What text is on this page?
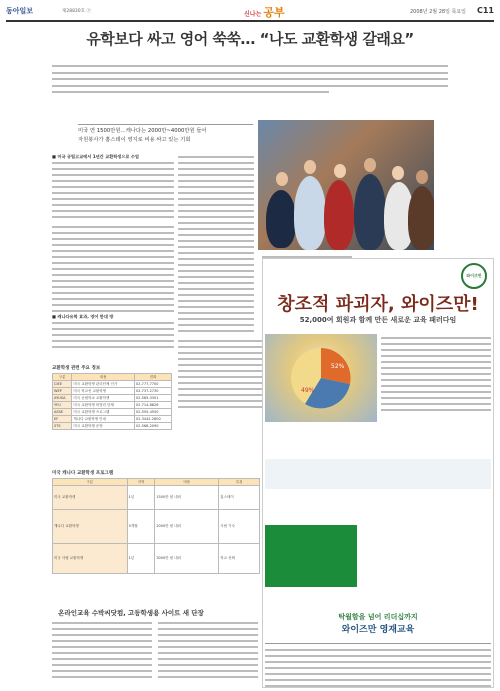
동아일보	제28830호 ⓔ	신나는 공부	2008년 2월 28일 목요일 C11
유학보다 싸고 영어 쑥쑥… “나도 교환학생 갈래요”
미국 연 1500만원…캐나다는 2000만~4000만원 들어
자원봉사가 홈스테이 영지로 비용 싸고 있는 기회
■ 미국 공립고교에서 1년간 교환학생으로 수업
■ 캐나다유학 효과, 영어 한대 방
교환학생 관련 주요 정보
구분	내용	전화
CIEE	미국 교환학생 관리단체 인가	02-777-7700
WEP	미국 학교선 교환학생	02-737-2730
AYUSA	미국 공립학교 교환학생	02-565-3301
YFU	미국 교환학생 비영리 단체	02-714-8826
ASSE	미국 교환학생 프로그램	02-555-4550
EF	캐나다 교환학생 안내	02-3442-2800
STS	미국 교환학생 운영	02-568-2090
미국 캐나다 교환학생 프로그램
구분	지역	비용	특징
미국 교환학생	1년	1500만 원 내외	홈스테이
캐나다 교환학생	5개월	2000만 원 내외	사립 기숙
미국 사립 교환학생	1년	3000만 원 내외	학교 선택
온라인교육 수박씨닷컴, 고등학생용 사이트 새 단장
와이즈만
창조적 파괴자, 와이즈만!
52,000여 회원과 함께 만든 새로운 교육 패러다임
52%
49%
탁월함을 넘어 리더십까지
와이즈만 영재교육
